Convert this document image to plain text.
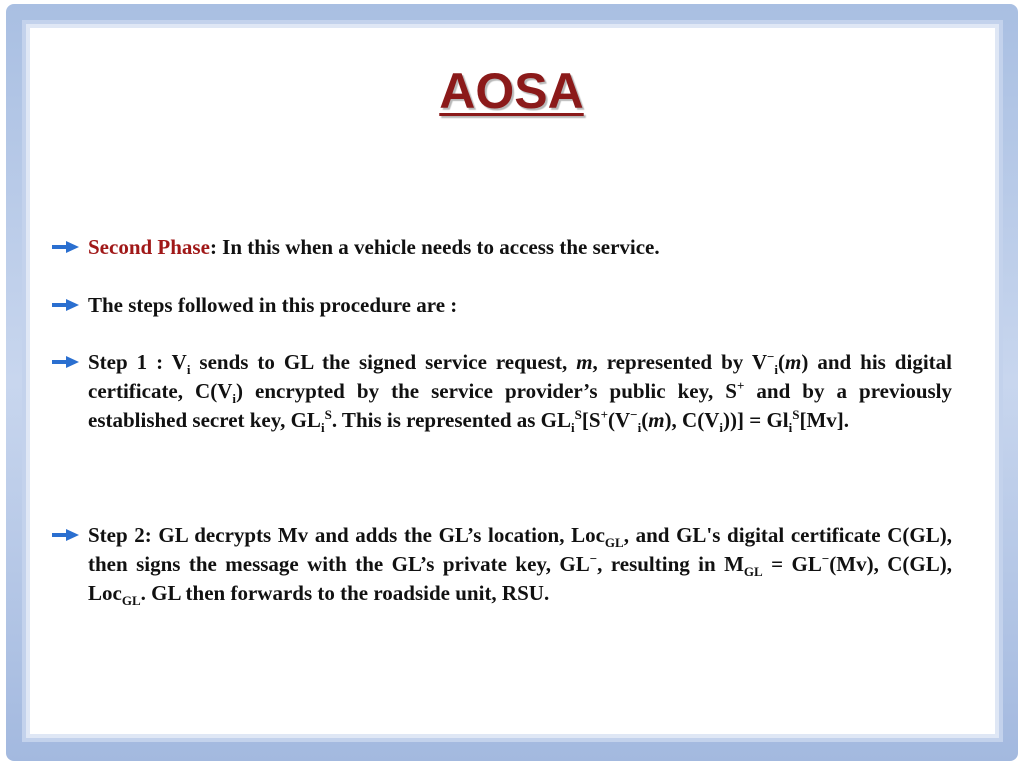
AOSA
Second Phase: In this when a vehicle needs to access the service.
The steps followed in this procedure are :
Step 1 : $V_i$ sends to GL the signed service request, m, represented by $V^-_i(m)$ and his digital certificate, $C(V_i)$ encrypted by the service provider’s public key, S+ and by a previously established secret key, $GL_i^S$. This is represented as $GL_i^S[S^+(V^-_i(m)$, $C(V_i))] = Gl_i^S[Mv]$.
Step 2: GL decrypts Mv and adds the GL’s location, Loc$_{GL}$, and GL's digital certificate C(GL), then signs the message with the GL’s private key, GL−, resulting in $M_{GL} = GL^-(Mv)$, C(GL), Loc$_{GL}$. GL then forwards to the roadside unit, RSU.
